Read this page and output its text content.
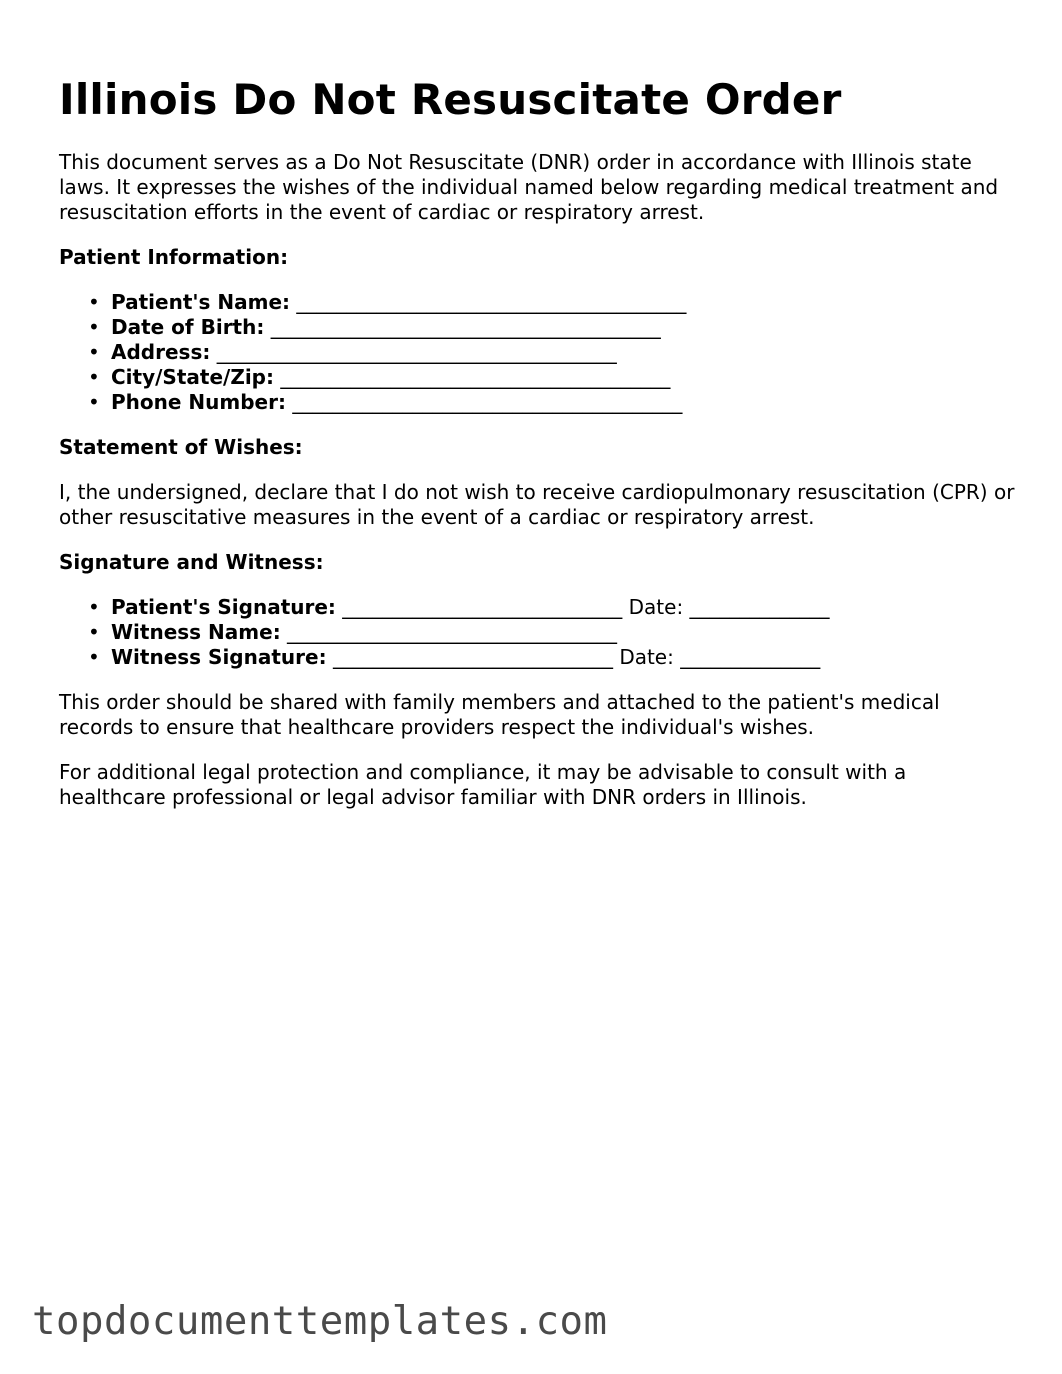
Illinois Do Not Resuscitate Order

This document serves as a Do Not Resuscitate (DNR) order in accordance with Illinois state laws. It expresses the wishes of the individual named below regarding medical treatment and resuscitation efforts in the event of cardiac or respiratory arrest.

Patient Information:
• Patient's Name: _______________________________________
• Date of Birth: _______________________________________
• Address: ________________________________________
• City/State/Zip: _______________________________________
• Phone Number: _______________________________________
Statement of Wishes:

I, the undersigned, declare that I do not wish to receive cardiopulmonary resuscitation (CPR) or other resuscitative measures in the event of a cardiac or respiratory arrest.

Signature and Witness:
• Patient's Signature: ____________________________ Date: ______________
• Witness Name: _________________________________
• Witness Signature: ____________________________ Date: ______________

This order should be shared with family members and attached to the patient's medical records to ensure that healthcare providers respect the individual's wishes.

For additional legal protection and compliance, it may be advisable to consult with a healthcare professional or legal advisor familiar with DNR orders in Illinois.

topdocumenttemplates.com
